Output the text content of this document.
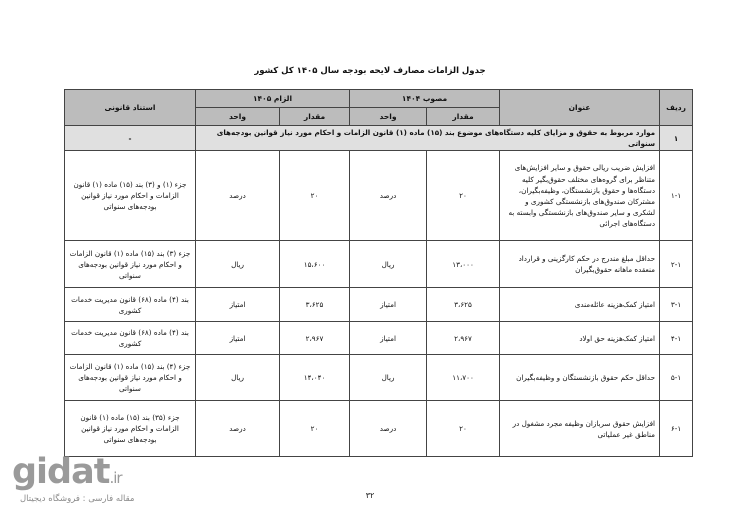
جدول الزامات مصارف لایحه بودجه سال ۱۴۰۵ کل کشور
ردیف	عنوان	مصوب ۱۴۰۴		الزام ۱۴۰۵		استناد قانونی
		مقدار	واحد	مقدار	واحد	
۱	موارد مربوط به حقوق و مزایای کلیه دستگاه‌های موضوع بند (۱۵) ماده (۱) قانون الزامات و احکام مورد نیاز قوانین بودجه‌های سنواتی					-
۱-۱	افزایش ضریب ریالی حقوق و سایر افزایش‌های متناظر برای گروه‌های مختلف حقوق‌بگیر کلیه دستگاه‌ها و حقوق بازنشستگان، وظیفه‌بگیران، مشترکان صندوق‌های بازنشستگی کشوری و لشکری و سایر صندوق‌های بازنشستگی وابسته به دستگاه‌های اجرائی	۲۰	درصد	۲۰	درصد	جزء (۱) و (۳) بند (۱۵) ماده (۱) قانون الزامات و احکام مورد نیاز قوانین بودجه‌های سنواتی
۲-۱	حداقل مبلغ مندرج در حکم کارگزینی و قرارداد منعقده ماهانه حقوق‌بگیران	۱۳،۰۰۰	ریال	۱۵،۶۰۰	ریال	جزء (۳) بند (۱۵) ماده (۱) قانون الزامات و احکام مورد نیاز قوانین بودجه‌های سنواتی
۳-۱	امتیاز کمک‌هزینه عائله‌مندی	۳،۶۲۵	امتیاز	۳،۶۲۵	امتیاز	بند (۴) ماده (۶۸) قانون مدیریت خدمات کشوری
۴-۱	امتیاز کمک‌هزینه حق اولاد	۲،۹۶۷	امتیاز	۲،۹۶۷	امتیاز	بند (۴) ماده (۶۸) قانون مدیریت خدمات کشوری
۵-۱	حداقل حکم حقوق بازنشستگان و وظیفه‌بگیران	۱۱،۷۰۰	ریال	۱۴،۰۴۰	ریال	جزء (۴) بند (۱۵) ماده (۱) قانون الزامات و احکام مورد نیاز قوانین بودجه‌های سنواتی
۶-۱	افزایش حقوق سربازان وظیفه مجرد مشغول در مناطق غیر عملیاتی	۲۰	درصد	۲۰	درصد	جزء (۳۵) بند (۱۵) ماده (۱) قانون الزامات و احکام مورد نیاز قوانین بودجه‌های سنواتی
gidat.ir
مقاله فارسی : فروشگاه دیجیتال	۳۲
